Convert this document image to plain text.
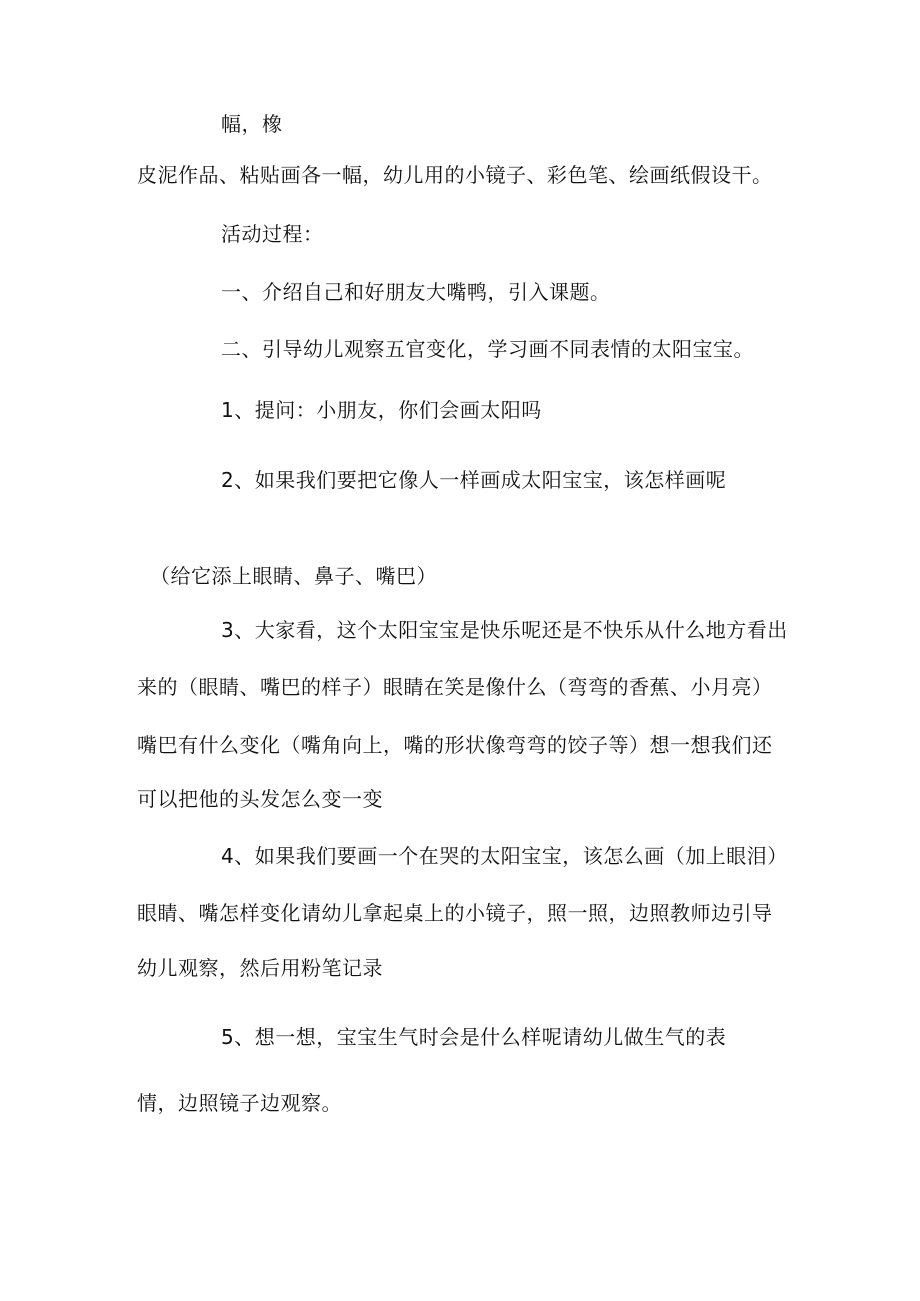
幅，橡
皮泥作品、粘贴画各一幅，幼儿用的小镜子、彩色笔、绘画纸假设干。
活动过程：
一、介绍自己和好朋友大嘴鸭，引入课题。
二、引导幼儿观察五官变化，学习画不同表情的太阳宝宝。
1、提问：小朋友，你们会画太阳吗
2、如果我们要把它像人一样画成太阳宝宝，该怎样画呢
（给它添上眼睛、鼻子、嘴巴）
3、大家看，这个太阳宝宝是快乐呢还是不快乐从什么地方看出
来的（眼睛、嘴巴的样子）眼睛在笑是像什么（弯弯的香蕉、小月亮）
嘴巴有什么变化（嘴角向上，嘴的形状像弯弯的饺子等）想一想我们还
可以把他的头发怎么变一变
4、如果我们要画一个在哭的太阳宝宝，该怎么画（加上眼泪）
眼睛、嘴怎样变化请幼儿拿起桌上的小镜子，照一照，边照教师边引导
幼儿观察，然后用粉笔记录
5、想一想，宝宝生气时会是什么样呢请幼儿做生气的表
情，边照镜子边观察。
